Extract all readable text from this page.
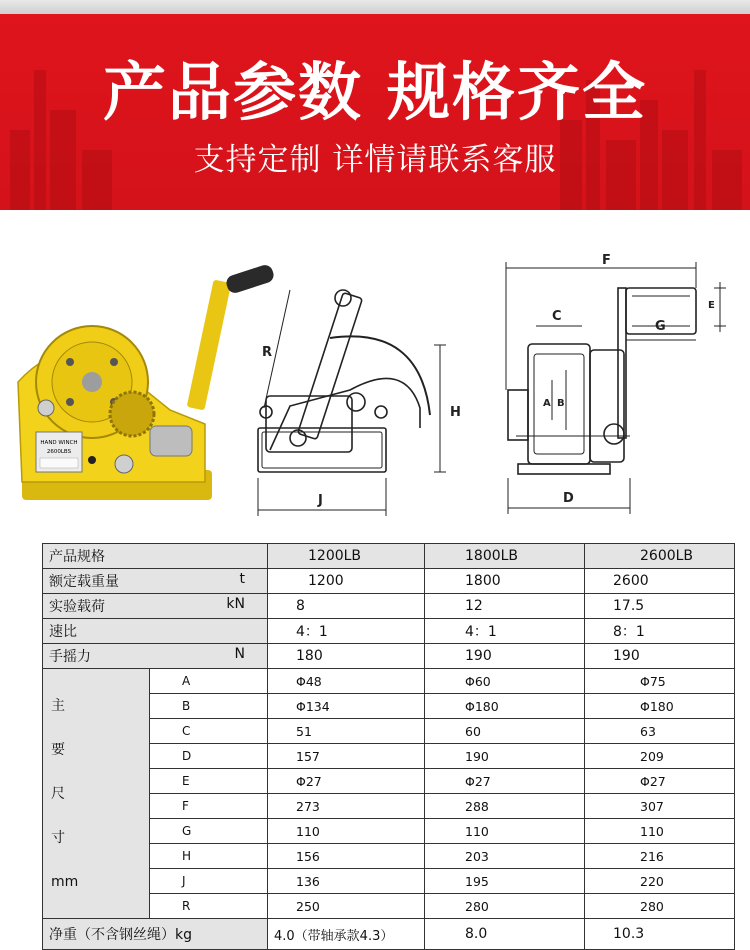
产品参数 规格齐全
支持定制 详情请联系客服
HAND WINCH
2600LBS
R
H
J
F
E
C
G
A B
D
产品规格		1200LB	1800LB	2600LB

t
额定载重量		1200	1800	2600

kN
实验载荷		8	12	17.5
速比		4：1	4：1	8：1

N
手摇力		180	190	190

主
要
尺
寸
mm	A	Φ48	Φ60	Φ75
	B	Φ134	Φ180	Φ180
	C	51	60	63
	D	157	190	209
	E	Φ27	Φ27	Φ27
	F	273	288	307
	G	110	110	110
	H	156	203	216
	J	136	195	220
	R	250	280	280
净重（不含钢丝绳）kg		4.0（带轴承款4.3）	8.0	10.3
